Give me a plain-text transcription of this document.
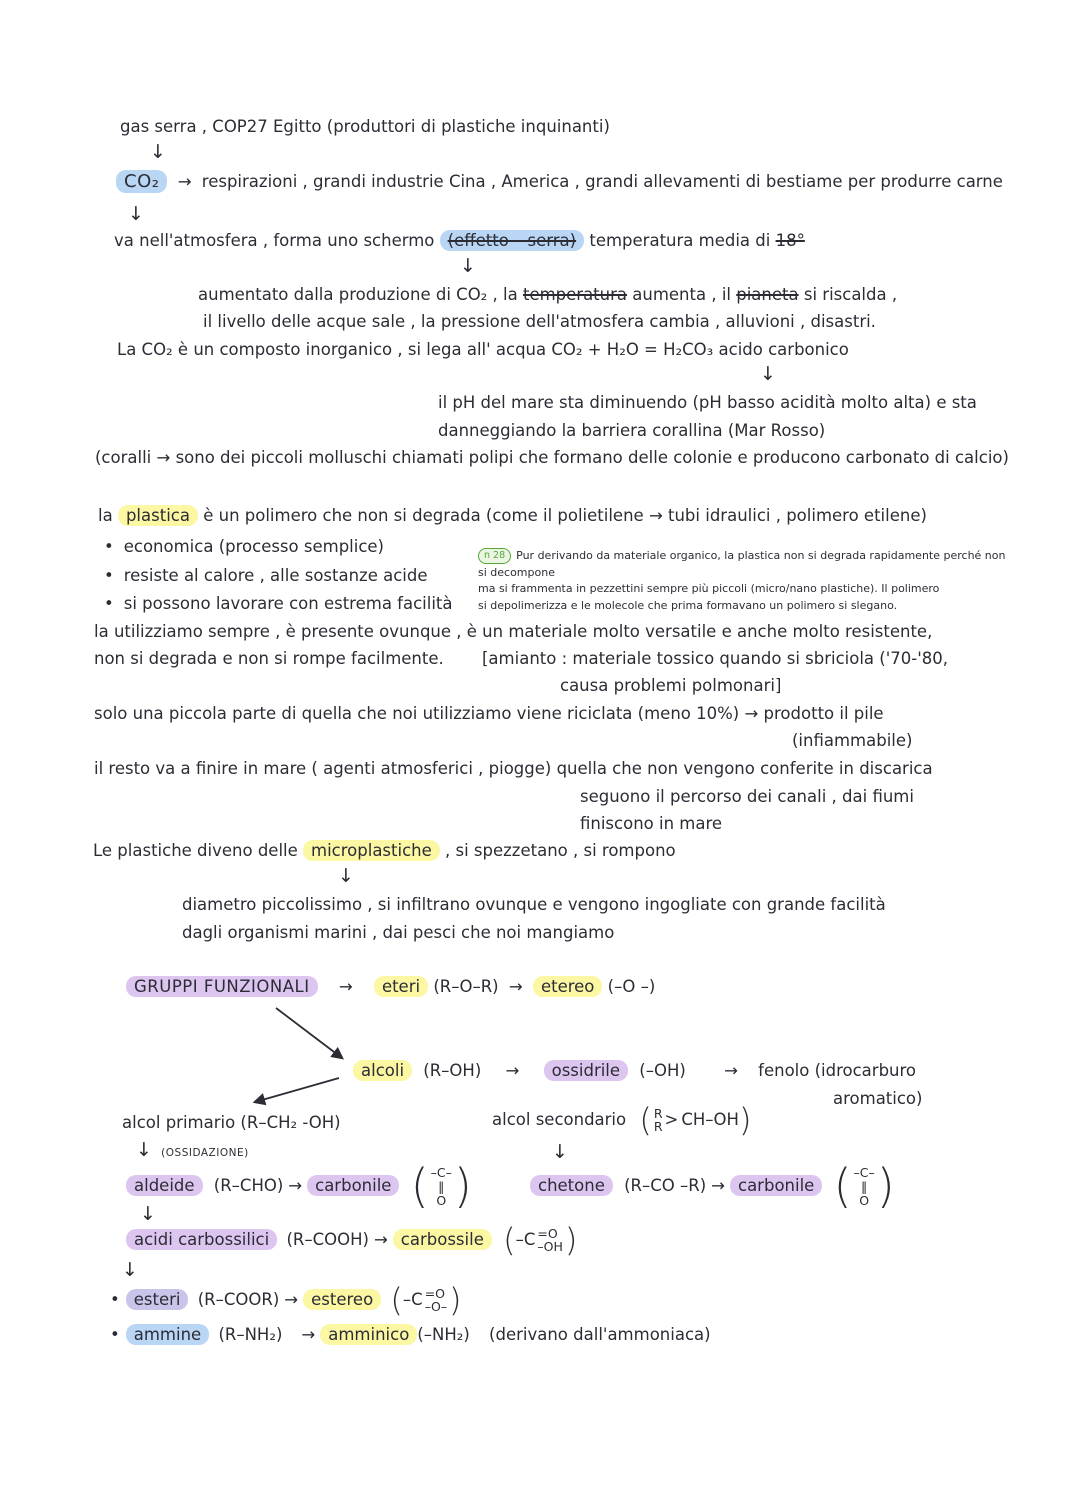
gas serra , COP27 Egitto (produttori di plastiche inquinanti)
↓
CO₂ → respirazioni , grandi industrie Cina , America , grandi allevamenti di bestiame per produrre carne
↓
va nell'atmosfera , forma uno schermo (effetto – serra) temperatura media di 18°
↓
aumentato dalla produzione di CO₂ , la temperatura aumenta , il pianeta si riscalda ,
il livello delle acque sale , la pressione dell'atmosfera cambia , alluvioni , disastri.
La CO₂ è un composto inorganico , si lega all' acqua CO₂ + H₂O = H₂CO₃ acido carbonico
↓
il pH del mare sta diminuendo (pH basso acidità molto alta) e sta
danneggiando la barriera corallina (Mar Rosso)
(coralli → sono dei piccoli molluschi chiamati polipi che formano delle colonie e producono carbonato di calcio)
la plastica è un polimero che non si degrada (come il polietilene → tubi idraulici , polimero etilene)
• economica (processo semplice)
• resiste al calore , alle sostanze acide
• si possono lavorare con estrema facilità
n 28 Pur derivando da materiale organico, la plastica non si degrada rapidamente perché non si decompone
ma si frammenta in pezzettini sempre più piccoli (micro/nano plastiche). Il polimero
si depolimerizza e le molecole che prima formavano un polimero si slegano.
la utilizziamo sempre , è presente ovunque , è un materiale molto versatile e anche molto resistente,
non si degrada e non si rompe facilmente. [amianto : materiale tossico quando si sbriciola ('70-'80,
causa problemi polmonari]
solo una piccola parte di quella che noi utilizziamo viene riciclata (meno 10%) → prodotto il pile
(infiammabile)
il resto va a finire in mare ( agenti atmosferici , piogge) quella che non vengono conferite in discarica
seguono il percorso dei canali , dai fiumi
finiscono in mare
Le plastiche diveno delle microplastiche , si spezzetano , si rompono
↓
diametro piccolissimo , si infiltrano ovunque e vengono ingogliate con grande facilità
dagli organismi marini , dai pesci che noi mangiamo
GRUPPI FUNZIONALI → eteri (R–O–R) → etereo (–O –)
alcoli (R–OH) → ossidrile (–OH) → fenolo (idrocarburo
aromatico)
alcol primario (R–CH₂ -OH)	alcol secondario ( R
R > CH–OH)
↓ (OSSIDAZIONE)	↓
aldeide (R–CHO) → carbonile ( –C–
‖
O )	chetone (R–CO –R) → carbonile ( –C–
‖
O )
↓
acidi carbossilici (R–COOH) → carbossile (–C =O
–OH )
↓
• esteri (R–COOR) → estereo (–C =O
–O– )
• ammine (R–NH₂) → amminico (–NH₂) (derivano dall'ammoniaca)
